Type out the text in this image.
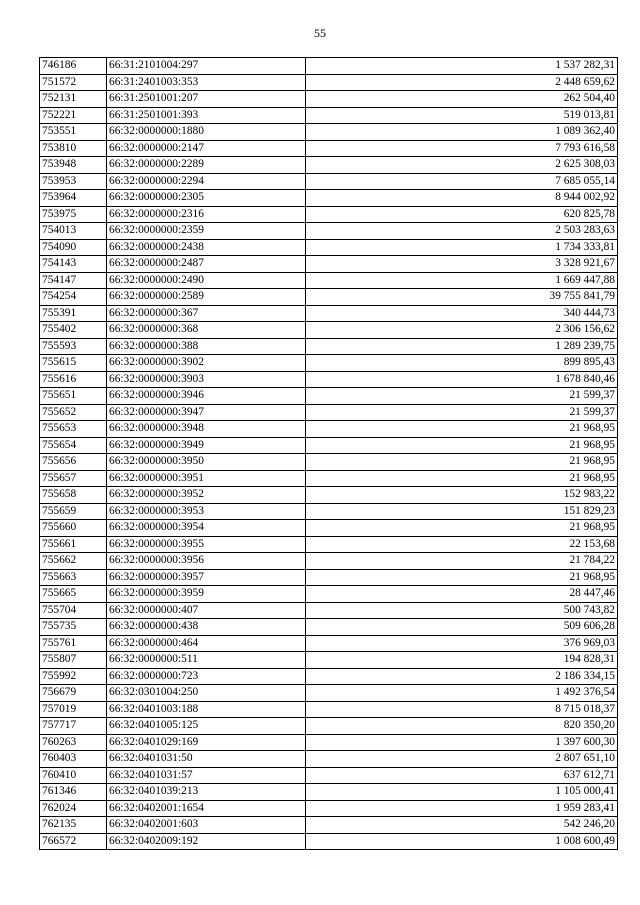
55
746186	66:31:2101004:297	1 537 282,31
751572	66:31:2401003:353	2 448 659,62
752131	66:31:2501001:207	262 504,40
752221	66:31:2501001:393	519 013,81
753551	66:32:0000000:1880	1 089 362,40
753810	66:32:0000000:2147	7 793 616,58
753948	66:32:0000000:2289	2 625 308,03
753953	66:32:0000000:2294	7 685 055,14
753964	66:32:0000000:2305	8 944 002,92
753975	66:32:0000000:2316	620 825,78
754013	66:32:0000000:2359	2 503 283,63
754090	66:32:0000000:2438	1 734 333,81
754143	66:32:0000000:2487	3 328 921,67
754147	66:32:0000000:2490	1 669 447,88
754254	66:32:0000000:2589	39 755 841,79
755391	66:32:0000000:367	340 444,73
755402	66:32:0000000:368	2 306 156,62
755593	66:32:0000000:388	1 289 239,75
755615	66:32:0000000:3902	899 895,43
755616	66:32:0000000:3903	1 678 840,46
755651	66:32:0000000:3946	21 599,37
755652	66:32:0000000:3947	21 599,37
755653	66:32:0000000:3948	21 968,95
755654	66:32:0000000:3949	21 968,95
755656	66:32:0000000:3950	21 968,95
755657	66:32:0000000:3951	21 968,95
755658	66:32:0000000:3952	152 983,22
755659	66:32:0000000:3953	151 829,23
755660	66:32:0000000:3954	21 968,95
755661	66:32:0000000:3955	22 153,68
755662	66:32:0000000:3956	21 784,22
755663	66:32:0000000:3957	21 968,95
755665	66:32:0000000:3959	28 447,46
755704	66:32:0000000:407	500 743,82
755735	66:32:0000000:438	509 606,28
755761	66:32:0000000:464	376 969,03
755807	66:32:0000000:511	194 828,31
755992	66:32:0000000:723	2 186 334,15
756679	66:32:0301004:250	1 492 376,54
757019	66:32:0401003:188	8 715 018,37
757717	66:32:0401005:125	820 350,20
760263	66:32:0401029:169	1 397 600,30
760403	66:32:0401031:50	2 807 651,10
760410	66:32:0401031:57	637 612,71
761346	66:32:0401039:213	1 105 000,41
762024	66:32:0402001:1654	1 959 283,41
762135	66:32:0402001:603	542 246,20
766572	66:32:0402009:192	1 008 600,49
